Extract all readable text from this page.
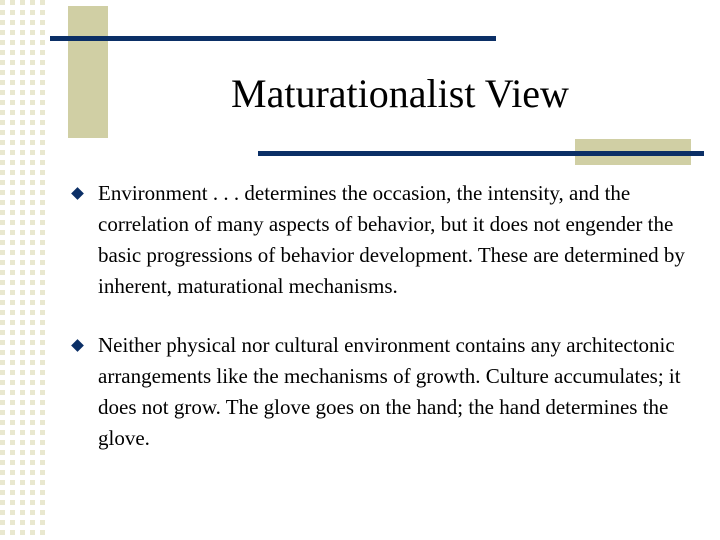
Maturationalist View
Environment . . . determines the occasion, the intensity, and the correlation of many aspects of behavior, but it does not engender the basic progressions of behavior development. These are determined by inherent, maturational mechanisms.
Neither physical nor cultural environment contains any architectonic arrangements like the mechanisms of growth. Culture accumulates; it does not grow. The glove goes on the hand; the hand determines the glove.
